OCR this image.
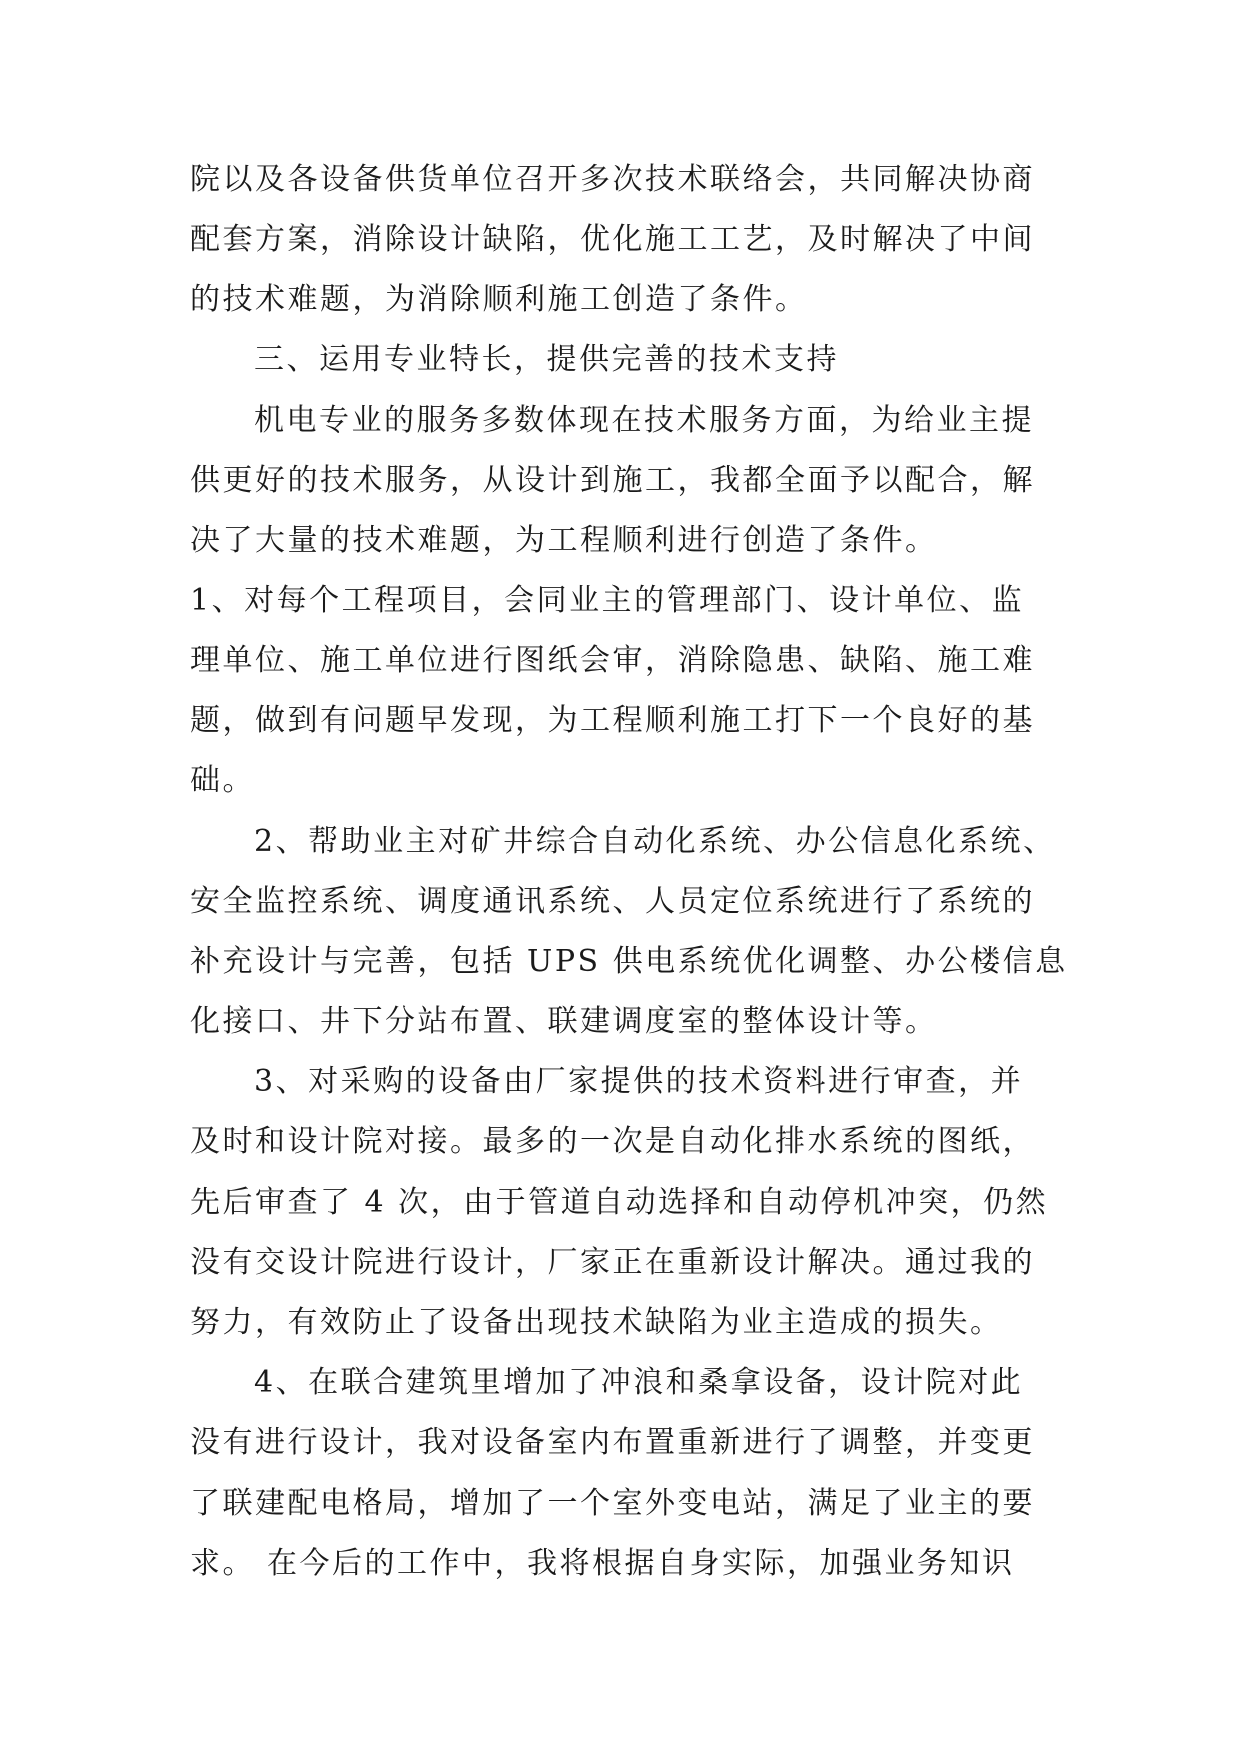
院以及各设备供货单位召开多次技术联络会，共同解决协商
配套方案，消除设计缺陷，优化施工工艺，及时解决了中间
的技术难题，为消除顺利施工创造了条件。
三、运用专业特长，提供完善的技术支持
机电专业的服务多数体现在技术服务方面，为给业主提
供更好的技术服务，从设计到施工，我都全面予以配合，解
决了大量的技术难题，为工程顺利进行创造了条件。
1、对每个工程项目，会同业主的管理部门、设计单位、监
理单位、施工单位进行图纸会审，消除隐患、缺陷、施工难
题，做到有问题早发现，为工程顺利施工打下一个良好的基
础。
2、帮助业主对矿井综合自动化系统、办公信息化系统、
安全监控系统、调度通讯系统、人员定位系统进行了系统的
补充设计与完善，包括 UPS 供电系统优化调整、办公楼信息
化接口、井下分站布置、联建调度室的整体设计等。
3、对采购的设备由厂家提供的技术资料进行审查，并
及时和设计院对接。最多的一次是自动化排水系统的图纸，
先后审查了 4 次，由于管道自动选择和自动停机冲突，仍然
没有交设计院进行设计，厂家正在重新设计解决。通过我的
努力，有效防止了设备出现技术缺陷为业主造成的损失。
4、在联合建筑里增加了冲浪和桑拿设备，设计院对此
没有进行设计，我对设备室内布置重新进行了调整，并变更
了联建配电格局，增加了一个室外变电站，满足了业主的要
求。 在今后的工作中，我将根据自身实际，加强业务知识
